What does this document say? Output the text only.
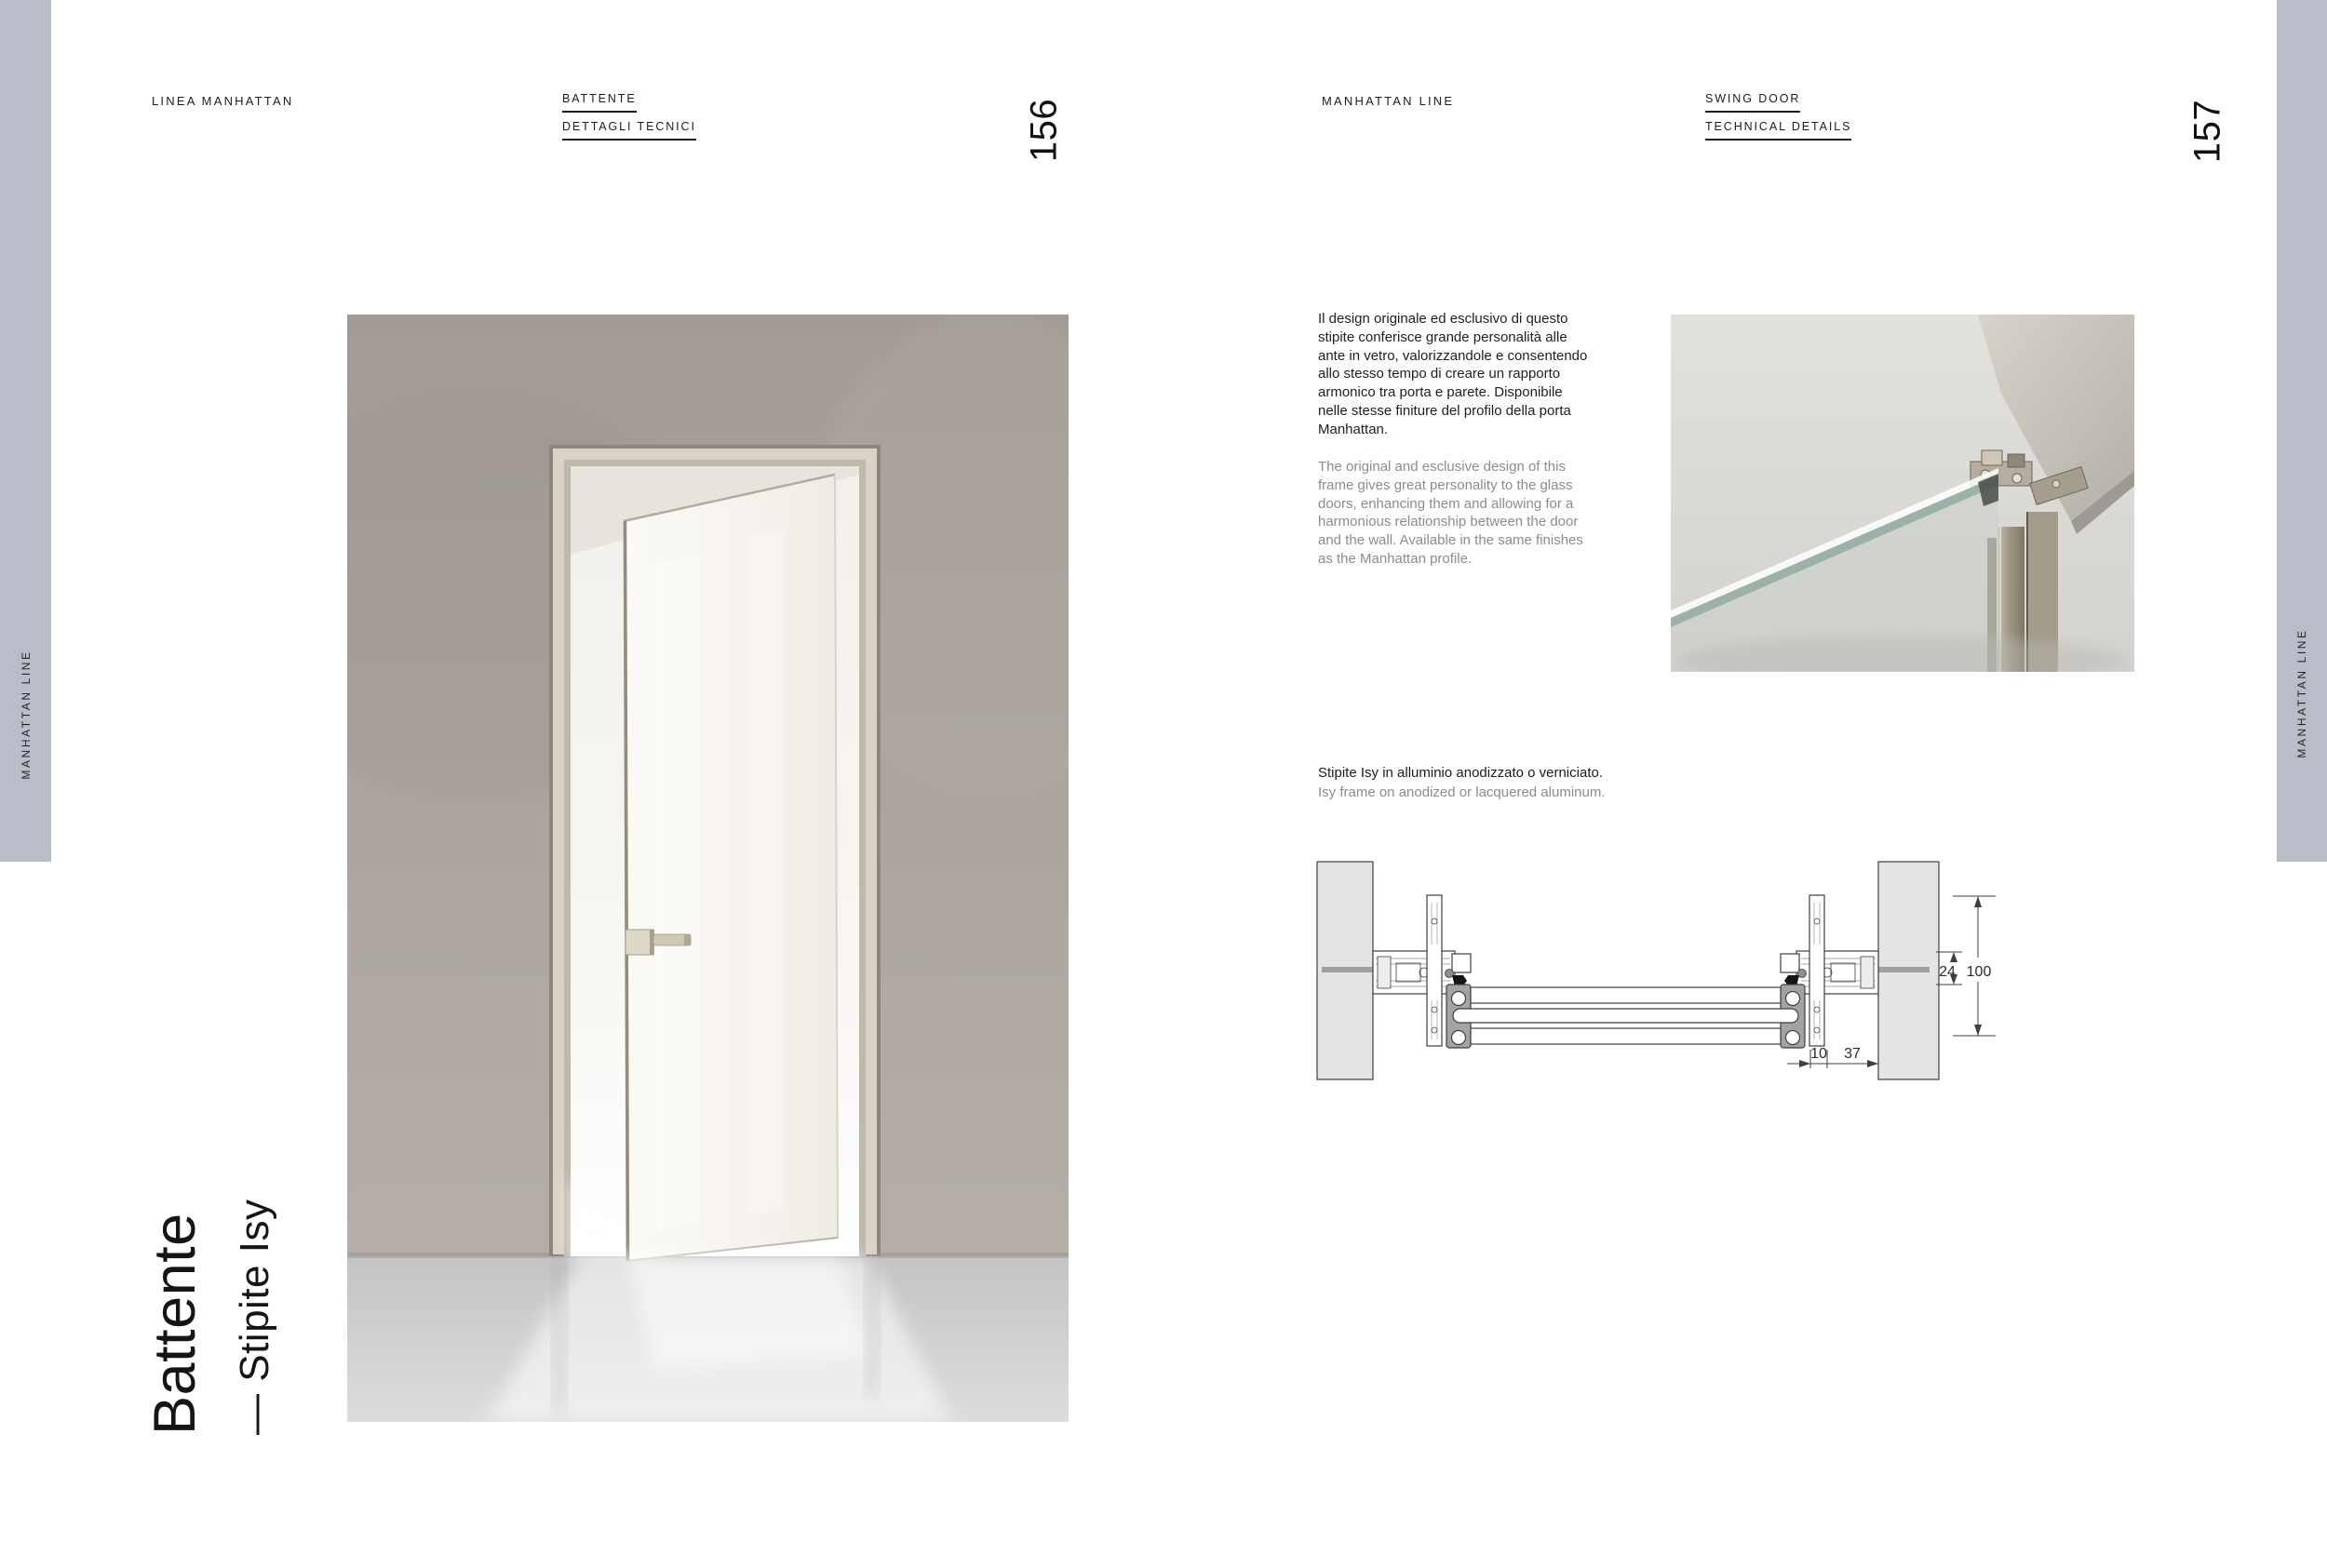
MANHATTAN LINE	MANHATTAN LINE
LINEA MANHATTAN	BATTENTE
DETTAGLI TECNICI	156	MANHATTAN LINE	SWING DOOR
TECHNICAL DETAILS	157
Battente — Stipite Isy
Il design originale ed esclusivo di questo stipite conferisce grande personalità alle ante in vetro, valorizzandole e consentendo allo stesso tempo di creare un rapporto armonico tra porta e parete. Disponibile nelle stesse finiture del profilo della porta Manhattan.
The original and esclusive design of this frame gives great personality to the glass doors, enhancing them and allowing for a harmonious relationship between the door and the wall. Available in the same finishes as the Manhattan profile.
Stipite Isy in alluminio anodizzato o verniciato.
Isy frame on anodized or lacquered aluminum.
24 100
10 37
